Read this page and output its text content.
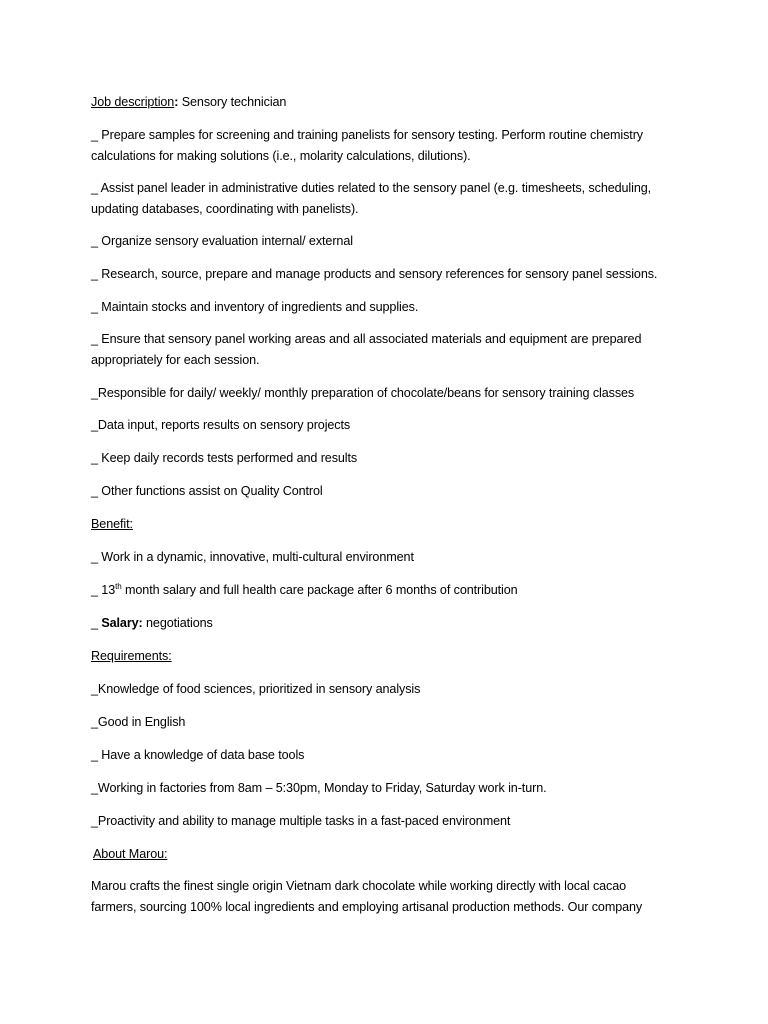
Job description: Sensory technician
_ Prepare samples for screening and training panelists for sensory testing. Perform routine chemistry
calculations for making solutions (i.e., molarity calculations, dilutions).
_ Assist panel leader in administrative duties related to the sensory panel (e.g. timesheets, scheduling,
updating databases, coordinating with panelists).
_ Organize sensory evaluation internal/ external
_ Research, source, prepare and manage products and sensory references for sensory panel sessions.
_ Maintain stocks and inventory of ingredients and supplies.
_ Ensure that sensory panel working areas and all associated materials and equipment are prepared
appropriately for each session.
_Responsible for daily/ weekly/ monthly preparation of chocolate/beans for sensory training classes
_Data input, reports results on sensory projects
_ Keep daily records tests performed and results
_ Other functions assist on Quality Control
Benefit:
_ Work in a dynamic, innovative, multi-cultural environment
_ 13th month salary and full health care package after 6 months of contribution
_ Salary: negotiations
Requirements:
_Knowledge of food sciences, prioritized in sensory analysis
_Good in English
_ Have a knowledge of data base tools
_Working in factories from 8am – 5:30pm, Monday to Friday, Saturday work in-turn.
_Proactivity and ability to manage multiple tasks in a fast-paced environment
About Marou:
Marou crafts the finest single origin Vietnam dark chocolate while working directly with local cacao
farmers, sourcing 100% local ingredients and employing artisanal production methods. Our company
